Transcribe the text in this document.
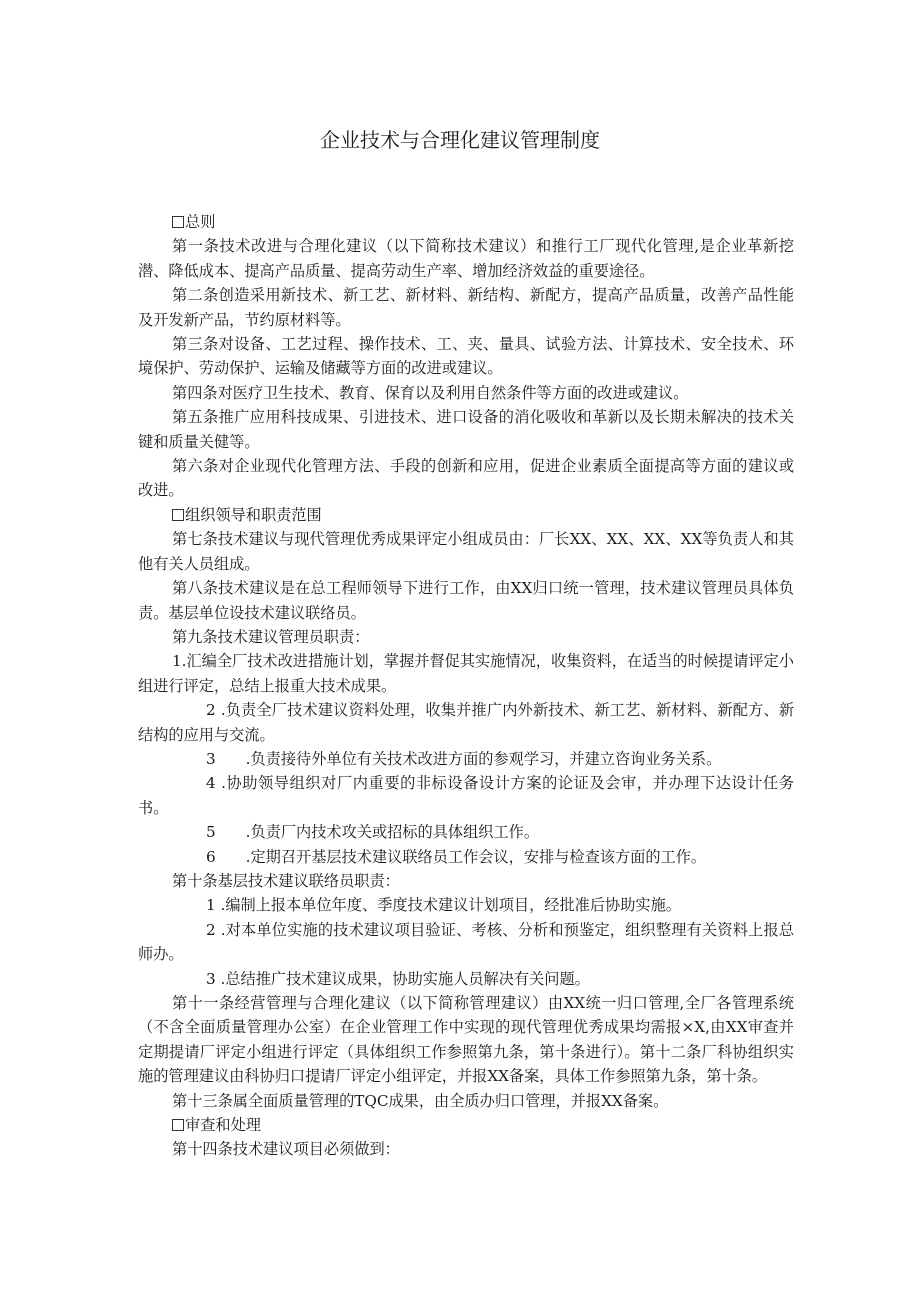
企业技术与合理化建议管理制度

总则

第一条技术改进与合理化建议（以下简称技术建议）和推行工厂现代化管理,是企业革新挖潜、降低成本、提高产品质量、提高劳动生产率、增加经济效益的重要途径。

第二条创造采用新技术、新工艺、新材料、新结构、新配方，提高产品质量，改善产品性能及开发新产品，节约原材料等。

第三条对设备、工艺过程、操作技术、工、夹、量具、试验方法、计算技术、安全技术、环境保护、劳动保护、运输及储藏等方面的改进或建议。

第四条对医疗卫生技术、教育、保育以及利用自然条件等方面的改进或建议。

第五条推广应用科技成果、引进技术、进口设备的消化吸收和革新以及长期未解决的技术关键和质量关健等。

第六条对企业现代化管理方法、手段的创新和应用，促进企业素质全面提高等方面的建议或改进。

组织领导和职责范围

第七条技术建议与现代管理优秀成果评定小组成员由：厂长XX、XX、XX、XX等负责人和其他有关人员组成。

第八条技术建议是在总工程师领导下进行工作，由XX归口统一管理，技术建议管理员具体负责。基层单位设技术建议联络员。

第九条技术建议管理员职责：

1.汇编全厂技术改进措施计划，掌握并督促其实施情况，收集资料，在适当的时候提请评定小组进行评定，总结上报重大技术成果。

2 .负责全厂技术建议资料处理，收集并推广内外新技术、新工艺、新材料、新配方、新结构的应用与交流。

3 .负责接待外单位有关技术改进方面的参观学习，并建立咨询业务关系。

4 .协助领导组织对厂内重要的非标设备设计方案的论证及会审，并办理下达设计任务书。

5 .负责厂内技术攻关或招标的具体组织工作。

6 .定期召开基层技术建议联络员工作会议，安排与检查该方面的工作。

第十条基层技术建议联络员职责：

1 .编制上报本单位年度、季度技术建议计划项目，经批准后协助实施。

2 .对本单位实施的技术建议项目验证、考核、分析和预鉴定，组织整理有关资料上报总师办。

3 .总结推广技术建议成果，协助实施人员解决有关问题。

第十一条经营管理与合理化建议（以下简称管理建议）由XX统一归口管理,全厂各管理系统（不含全面质量管理办公室）在企业管理工作中实现的现代管理优秀成果均需报×X,由XX审查并定期提请厂评定小组进行评定（具体组织工作参照第九条，第十条进行）。第十二条厂科协组织实施的管理建议由科协归口提请厂评定小组评定，并报XX备案，具体工作参照第九条，第十条。

第十三条属全面质量管理的TQC成果，由全质办归口管理，并报XX备案。

审查和处理

第十四条技术建议项目必须做到：
